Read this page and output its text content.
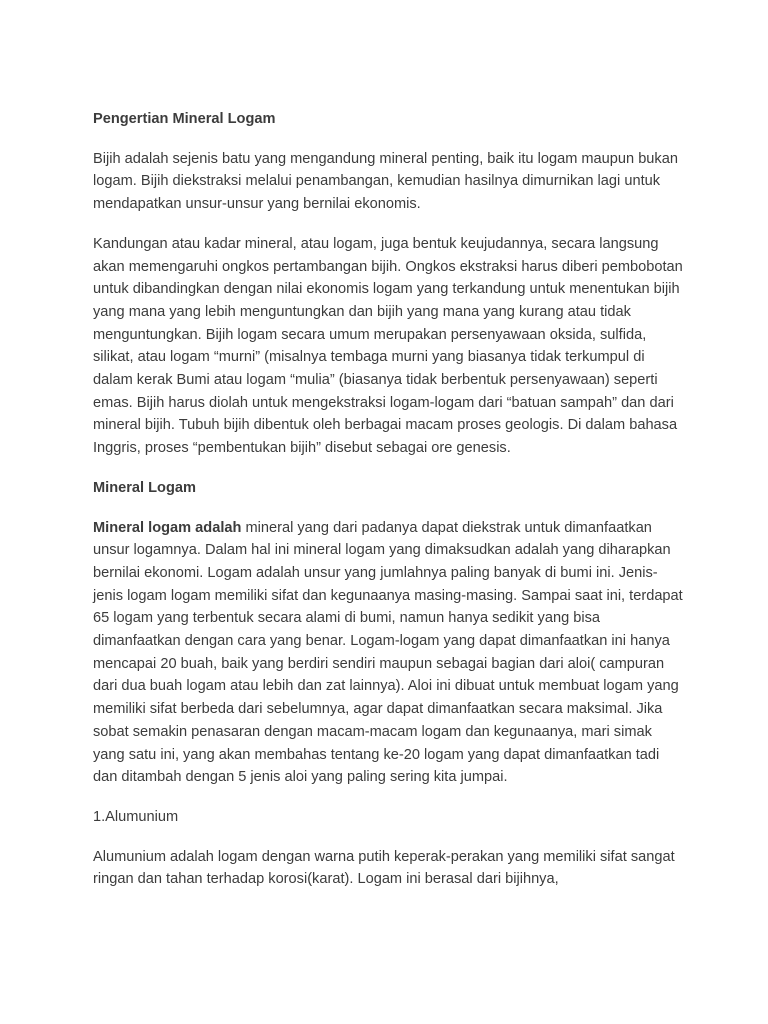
Pengertian Mineral Logam

Bijih adalah sejenis batu yang mengandung mineral penting, baik itu logam maupun bukan logam. Bijih diekstraksi melalui penambangan, kemudian hasilnya dimurnikan lagi untuk mendapatkan unsur-unsur yang bernilai ekonomis.

Kandungan atau kadar mineral, atau logam, juga bentuk keujudannya, secara langsung akan memengaruhi ongkos pertambangan bijih. Ongkos ekstraksi harus diberi pembobotan untuk dibandingkan dengan nilai ekonomis logam yang terkandung untuk menentukan bijih yang mana yang lebih menguntungkan dan bijih yang mana yang kurang atau tidak menguntungkan. Bijih logam secara umum merupakan persenyawaan oksida, sulfida, silikat, atau logam “murni” (misalnya tembaga murni yang biasanya tidak terkumpul di dalam kerak Bumi atau logam “mulia” (biasanya tidak berbentuk persenyawaan) seperti emas. Bijih harus diolah untuk mengekstraksi logam-logam dari “batuan sampah” dan dari mineral bijih. Tubuh bijih dibentuk oleh berbagai macam proses geologis. Di dalam bahasa Inggris, proses “pembentukan bijih” disebut sebagai ore genesis.

Mineral Logam

Mineral logam adalah mineral yang dari padanya dapat diekstrak untuk dimanfaatkan unsur logamnya. Dalam hal ini mineral logam yang dimaksudkan adalah yang diharapkan bernilai ekonomi. Logam adalah unsur yang jumlahnya paling banyak di bumi ini. Jenis-jenis logam logam memiliki sifat dan kegunaanya masing-masing. Sampai saat ini, terdapat 65 logam yang terbentuk secara alami di bumi, namun hanya sedikit yang bisa dimanfaatkan dengan cara yang benar. Logam-logam yang dapat dimanfaatkan ini hanya mencapai 20 buah, baik yang berdiri sendiri maupun sebagai bagian dari aloi( campuran dari dua buah logam atau lebih dan zat lainnya). Aloi ini dibuat untuk membuat logam yang memiliki sifat berbeda dari sebelumnya, agar dapat dimanfaatkan secara maksimal. Jika sobat semakin penasaran dengan macam-macam logam dan kegunaanya, mari simak yang satu ini, yang akan membahas tentang ke-20 logam yang dapat dimanfaatkan tadi dan ditambah dengan 5 jenis aloi yang paling sering kita jumpai.

1.Alumunium

Alumunium adalah logam dengan warna putih keperak-perakan yang memiliki sifat sangat ringan dan tahan terhadap korosi(karat). Logam ini berasal dari bijihnya,
